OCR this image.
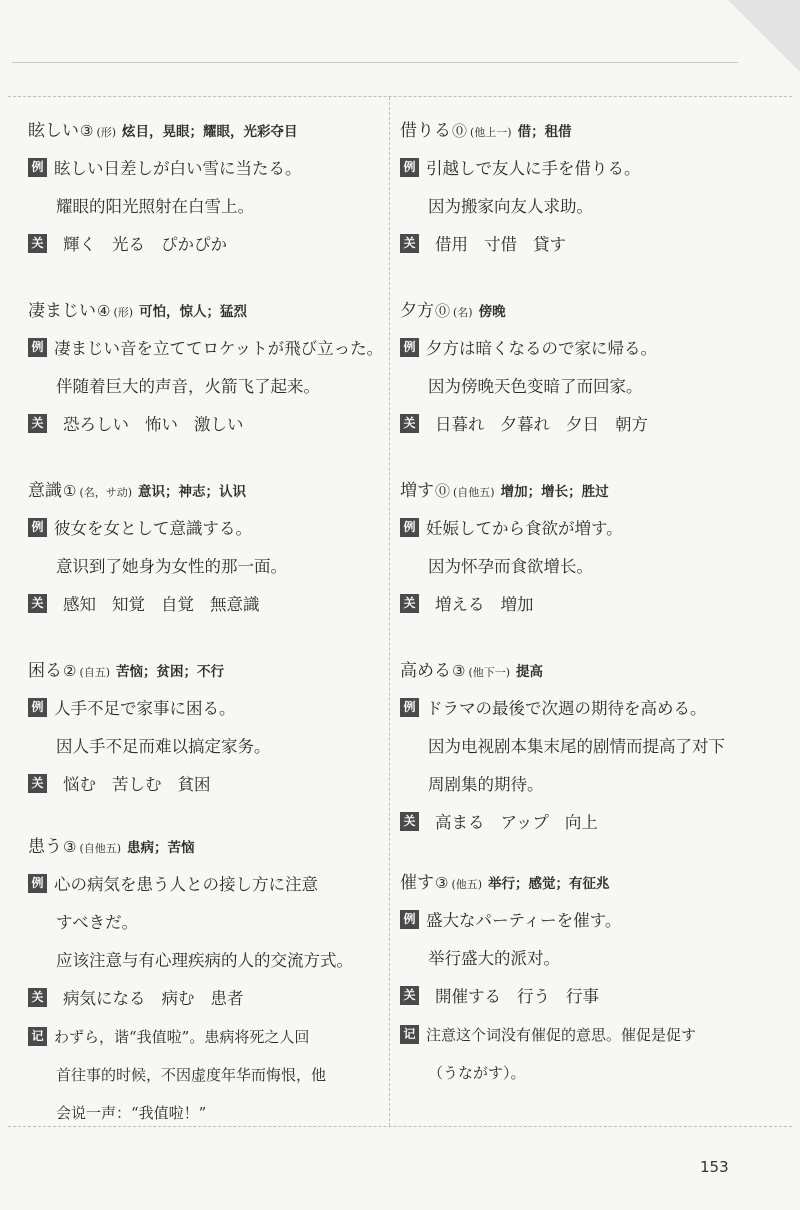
眩しい③ (形) 炫目，晃眼；耀眼，光彩夺目
例 眩しい日差しが白い雪に当たる。
耀眼的阳光照射在白雪上。
关 輝く 光る ぴかぴか
凄まじい④ (形) 可怕，惊人；猛烈
例 凄まじい音を立ててロケットが飛び立った。
伴随着巨大的声音，火箭飞了起来。
关 恐ろしい 怖い 激しい
意識① (名，サ动) 意识；神志；认识
例 彼女を女として意識する。
意识到了她身为女性的那一面。
关 感知 知覚 自覚 無意識
困る② (自五) 苦恼；贫困；不行
例 人手不足で家事に困る。
因人手不足而难以搞定家务。
关 悩む 苦しむ 貧困
患う③ (自他五) 患病；苦恼
例 心の病気を患う人との接し方に注意
すべきだ。
应该注意与有心理疾病的人的交流方式。
关 病気になる 病む 患者
记 わずら，谐“我值啦”。患病将死之人回
首往事的时候，不因虚度年华而悔恨，他
会说一声：“我值啦！”
借りる⓪ (他上一) 借；租借
例 引越しで友人に手を借りる。
因为搬家向友人求助。
关 借用 寸借 貸す
夕方⓪ (名) 傍晚
例 夕方は暗くなるので家に帰る。
因为傍晚天色变暗了而回家。
关 日暮れ 夕暮れ 夕日 朝方
増す⓪ (自他五) 增加；增长；胜过
例 妊娠してから食欲が増す。
因为怀孕而食欲增长。
关 増える 増加
高める③ (他下一) 提高
例 ドラマの最後で次週の期待を高める。
因为电视剧本集末尾的剧情而提高了对下
周剧集的期待。
关 高まる アップ 向上
催す③ (他五) 举行；感觉；有征兆
例 盛大なパーティーを催す。
举行盛大的派对。
关 開催する 行う 行事
记 注意这个词没有催促的意思。催促是促す
（うながす）。
153
